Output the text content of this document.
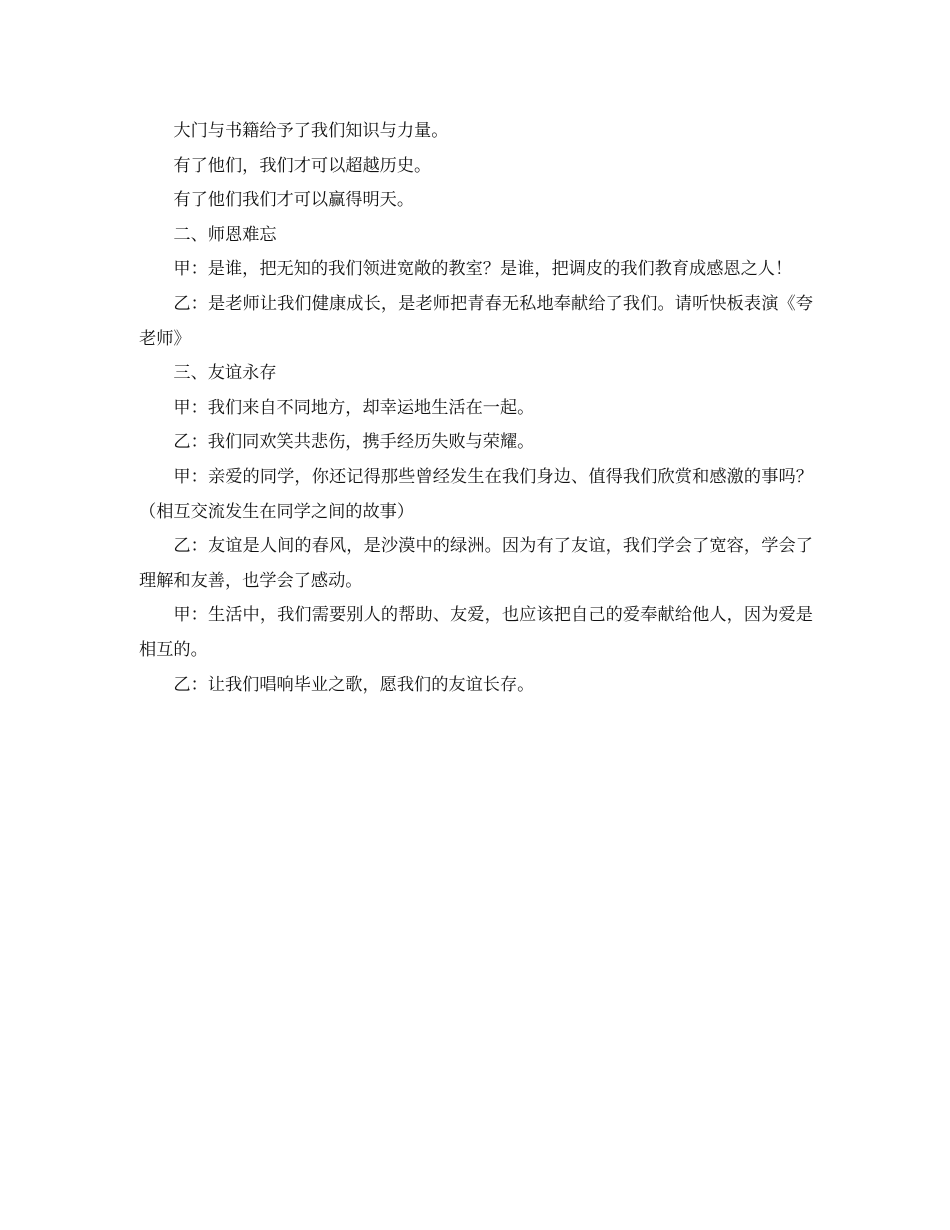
大门与书籍给予了我们知识与力量。

有了他们，我们才可以超越历史。

有了他们我们才可以赢得明天。

二、师恩难忘

甲：是谁，把无知的我们领进宽敞的教室？是谁，把调皮的我们教育成感恩之人！

乙：是老师让我们健康成长，是老师把青春无私地奉献给了我们。请听快板表演《夸老师》

三、友谊永存

甲：我们来自不同地方，却幸运地生活在一起。

乙：我们同欢笑共悲伤，携手经历失败与荣耀。

甲：亲爱的同学，你还记得那些曾经发生在我们身边、值得我们欣赏和感激的事吗？（相互交流发生在同学之间的故事）

乙：友谊是人间的春风，是沙漠中的绿洲。因为有了友谊，我们学会了宽容，学会了理解和友善，也学会了感动。

甲：生活中，我们需要别人的帮助、友爱，也应该把自己的爱奉献给他人，因为爱是相互的。

乙：让我们唱响毕业之歌，愿我们的友谊长存。
